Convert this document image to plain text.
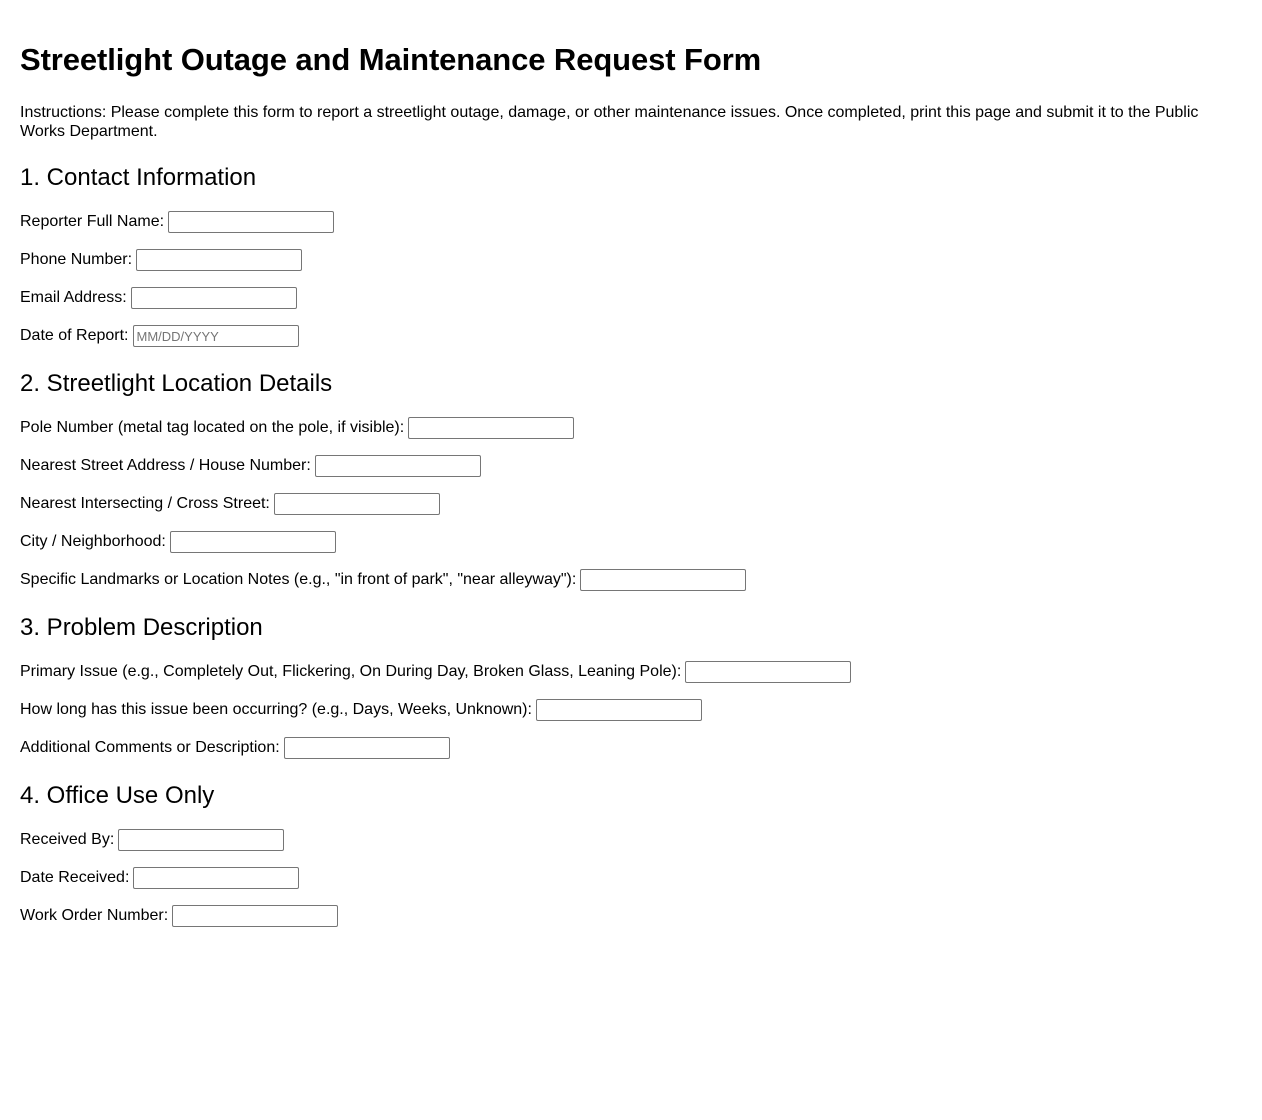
Streetlight Outage and Maintenance Request Form

Instructions: Please complete this form to report a streetlight outage, damage, or other maintenance issues. Once completed, print this page and submit it to the Public Works Department.

1. Contact Information
Reporter Full Name:
Phone Number:
Email Address:
Date of Report:
MM/DD/YYYY
2. Streetlight Location Details
Pole Number (metal tag located on the pole, if visible):
Nearest Street Address / House Number:
Nearest Intersecting / Cross Street:
City / Neighborhood:
Specific Landmarks or Location Notes (e.g., "in front of park", "near alleyway"):
3. Problem Description
Primary Issue (e.g., Completely Out, Flickering, On During Day, Broken Glass, Leaning Pole):
How long has this issue been occurring? (e.g., Days, Weeks, Unknown):
Additional Comments or Description:
4. Office Use Only
Received By:
Date Received:
Work Order Number:
